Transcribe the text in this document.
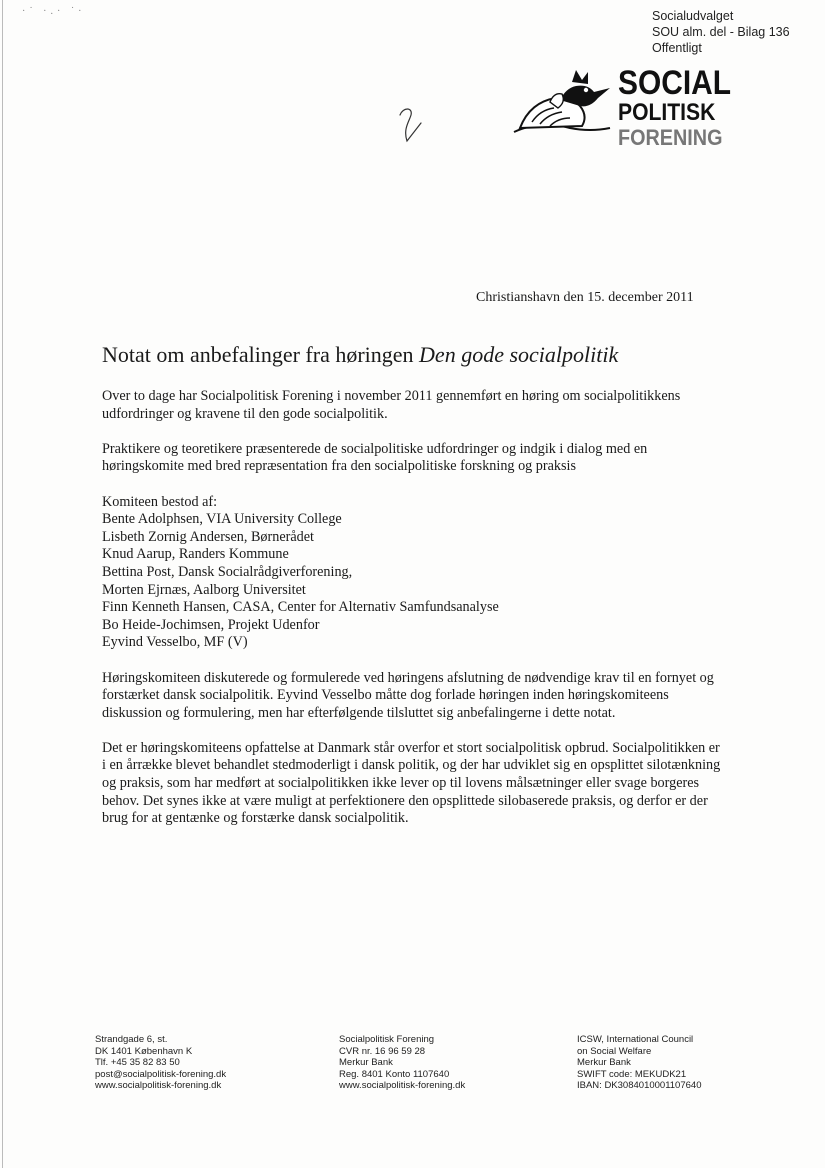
·˙ ·.· ˙·	Socialudvalget
SOU alm. del - Bilag 136
Offentligt
SOCIAL
POLITISK
FORENING
Christianshavn den 15. december 2011
Notat om anbefalinger fra høringen Den gode socialpolitik

Over to dage har Socialpolitisk Forening i november 2011 gennemført en høring om socialpolitikkens udfordringer og kravene til den gode socialpolitik.

Praktikere og teoretikere præsenterede de socialpolitiske udfordringer og indgik i dialog med en høringskomite med bred repræsentation fra den socialpolitiske forskning og praksis

Komiteen bestod af:
Bente Adolphsen, VIA University College
Lisbeth Zornig Andersen, Børnerådet
Knud Aarup, Randers Kommune
Bettina Post, Dansk Socialrådgiverforening,
Morten Ejrnæs, Aalborg Universitet
Finn Kenneth Hansen, CASA, Center for Alternativ Samfundsanalyse
Bo Heide-Jochimsen, Projekt Udenfor
Eyvind Vesselbo, MF (V)

Høringskomiteen diskuterede og formulerede ved høringens afslutning de nødvendige krav til en fornyet og forstærket dansk socialpolitik. Eyvind Vesselbo måtte dog forlade høringen inden høringskomiteens diskussion og formulering, men har efterfølgende tilsluttet sig anbefalingerne i dette notat.

Det er høringskomiteens opfattelse at Danmark står overfor et stort socialpolitisk opbrud. Socialpolitikken er i en årrække blevet behandlet stedmoderligt i dansk politik, og der har udviklet sig en opsplittet silotænkning og praksis, som har medført at socialpolitikken ikke lever op til lovens målsætninger eller svage borgeres behov. Det synes ikke at være muligt at perfektionere den opsplittede silobaserede praksis, og derfor er der brug for at gentænke og forstærke dansk socialpolitik.

Strandgade 6, st.
DK 1401 København K
Tlf. +45 35 82 83 50
post@socialpolitisk-forening.dk
www.socialpolitisk-forening.dk
Socialpolitisk Forening
CVR nr. 16 96 59 28
Merkur Bank
Reg. 8401 Konto 1107640
www.socialpolitisk-forening.dk
ICSW, International Council
on Social Welfare
Merkur Bank
SWIFT code: MEKUDK21
IBAN: DK3084010001107640
